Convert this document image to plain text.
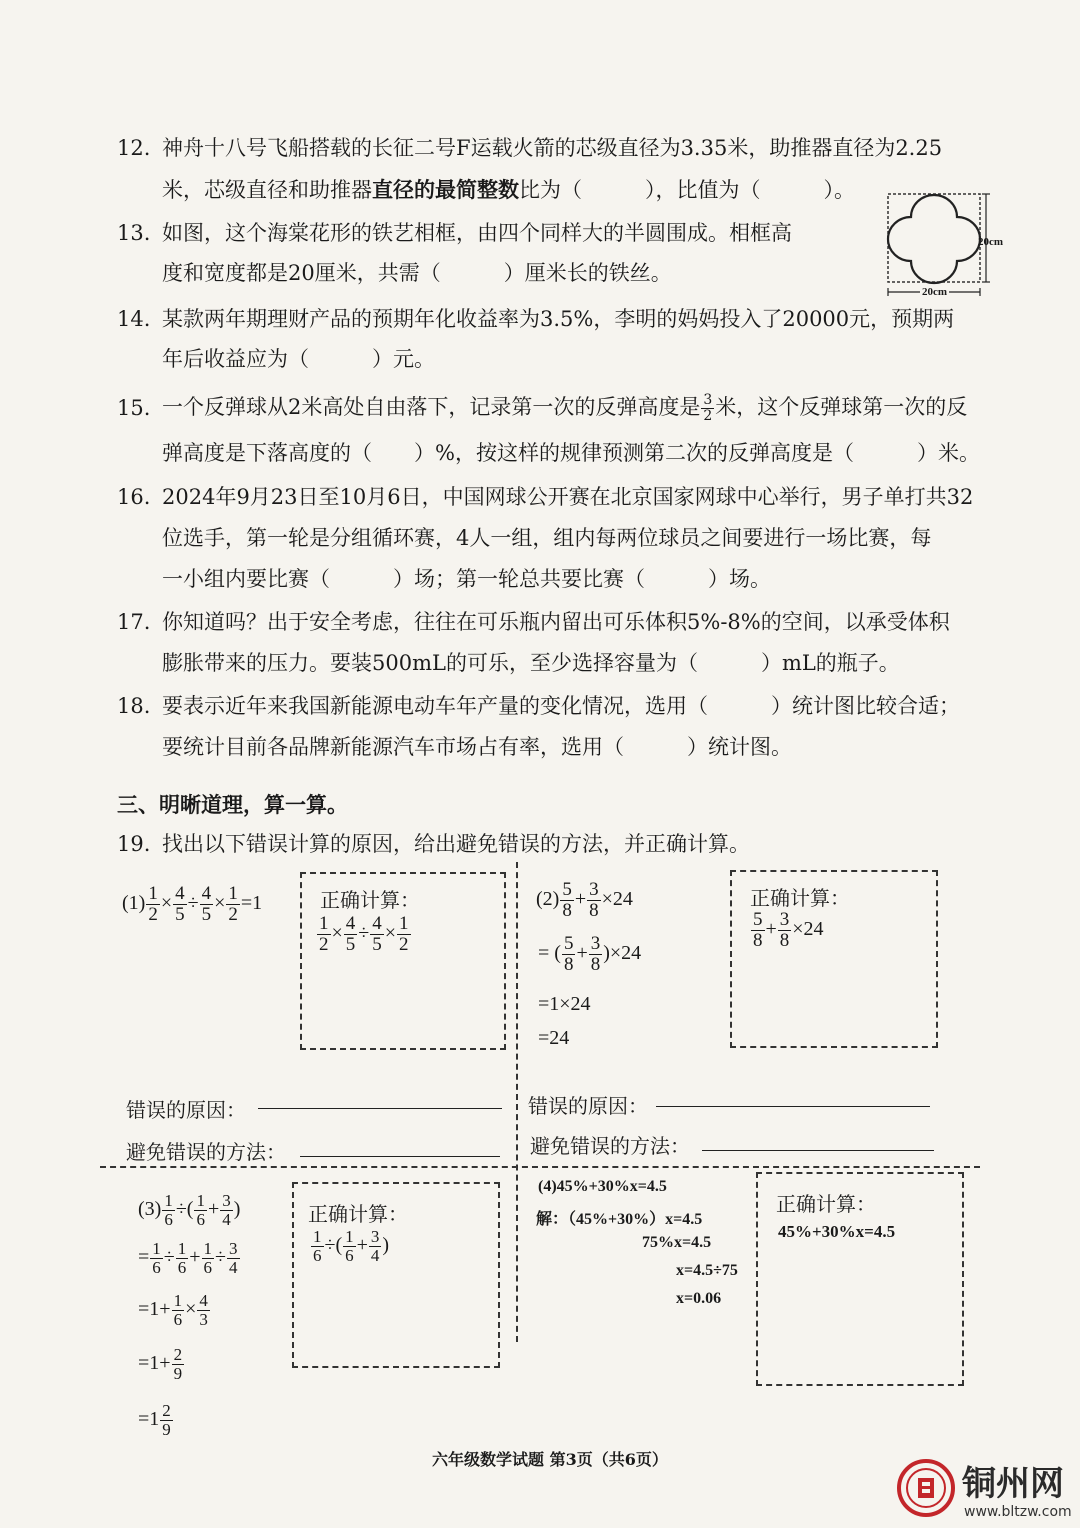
12. 神舟十八号飞船搭载的长征二号F运载火箭的芯级直径为3.35米，助推器直径为2.25
米，芯级直径和助推器直径的最简整数比为（　　　），比值为（　　　）。
13. 如图，这个海棠花形的铁艺相框，由四个同样大的半圆围成。相框高
度和宽度都是20厘米，共需（　　　）厘米长的铁丝。
20cm
20cm
14. 某款两年期理财产品的预期年化收益率为3.5%，李明的妈妈投入了20000元，预期两
年后收益应为（　　　）元。
15. 一个反弹球从2米高处自由落下，记录第一次的反弹高度是 $\frac{3}{2}$ 米，这个反弹球第一次的反
弹高度是下落高度的（　　）%，按这样的规律预测第二次的反弹高度是（　　　）米。
16. 2024年9月23日至10月6日，中国网球公开赛在北京国家网球中心举行，男子单打共32
位选手，第一轮是分组循环赛，4人一组，组内每两位球员之间要进行一场比赛，每
一小组内要比赛（　　　）场；第一轮总共要比赛（　　　）场。
17. 你知道吗？出于安全考虑，往往在可乐瓶内留出可乐体积5%-8%的空间，以承受体积
膨胀带来的压力。要装500mL的可乐，至少选择容量为（　　　）mL的瓶子。
18. 要表示近年来我国新能源电动车年产量的变化情况，选用（　　　）统计图比较合适；
要统计目前各品牌新能源汽车市场占有率，选用（　　　）统计图。
三、明晰道理，算一算。
19. 找出以下错误计算的原因，给出避免错误的方法，并正确计算。
$(1) \frac{1}{2} \times \frac{4}{5} \div \frac{4}{5} \times \frac{1}{2} =1$	正确计算：
$\frac{1}{2} \times \frac{4}{5} \div \frac{4}{5} \times \frac{1}{2}$
$(2) \frac{5}{8} + \frac{3}{8} \times 24$
= ( $\frac{5}{8} + \frac{3}{8} )\times 24$
=1×24
=24
正确计算：
$\frac{5}{8} + \frac{3}{8} \times 24$
错误的原因：
避免错误的方法：
错误的原因：
避免错误的方法：
$(3) \frac{1}{6}$ ÷( $\frac{1}{6} + \frac{3}{4}$ )
= $\frac{1}{6} \div \frac{1}{6} + \frac{1}{6} \div \frac{3}{4}$
$=1+ \frac{1}{6} \times \frac{4}{3}$
$=1+ \frac{2}{9}$
$=1 \frac{2}{9}$
正确计算：
$\frac{1}{6}$ ÷( $\frac{1}{6} + \frac{3}{4}$ )
(4)45%+30%x=4.5
解：（45%+30%）x=4.5
75%x=4.5
x=4.5÷75
x=0.06
正确计算：
45%+30%x=4.5
六年级数学试题 第3页（共6页）
铜州网
www.bltzw.com
